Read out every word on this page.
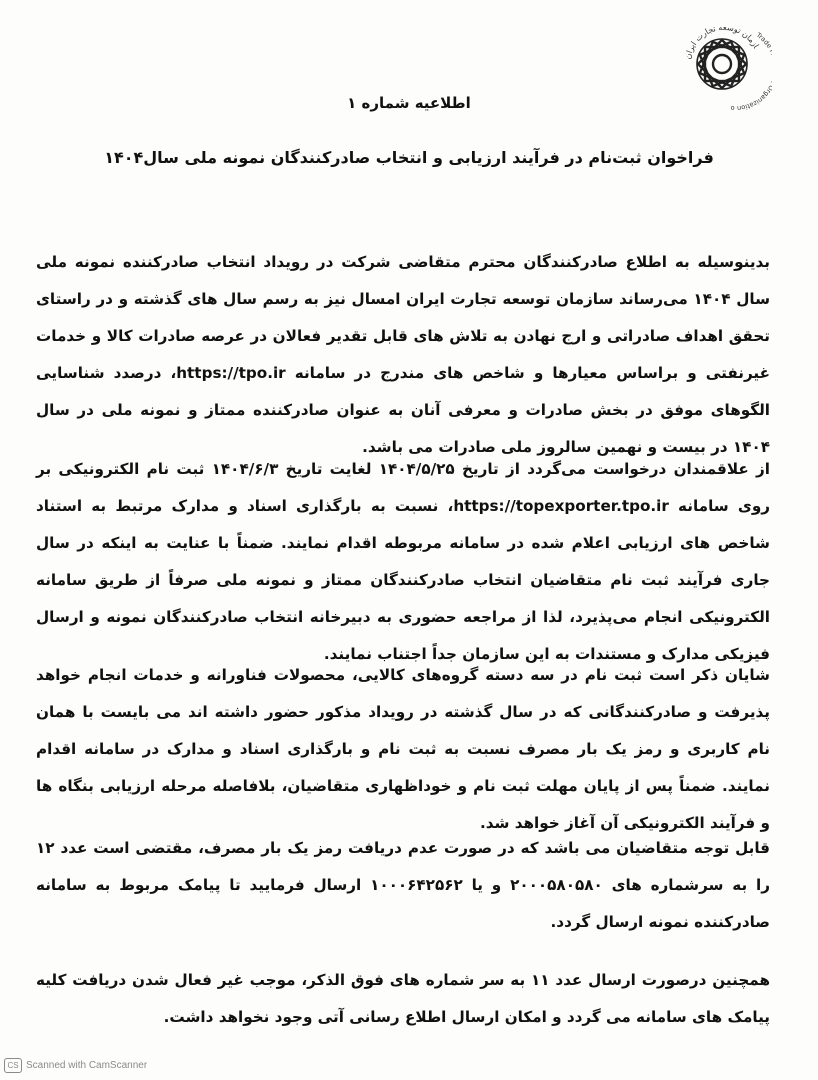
ازمان توسعه تجارت ایران
Trad rganization o
اطلاعیه شماره ۱
فراخوان ثبت‌نام در فرآیند ارزیابی و انتخاب صادرکنندگان نمونه ملی سال۱۴۰۴

بدینوسیله به اطلاع صادرکنندگان محترم متقاضی شرکت در رویداد انتخاب صادرکننده نمونه ملی سال ۱۴۰۴ می‌رساند سازمان توسعه تجارت ایران امسال نیز به رسم سال های گذشته و در راستای تحقق اهداف صادراتی و ارج نهادن به تلاش های قابل تقدیر فعالان در عرصه صادرات کالا و خدمات غیرنفتی و براساس معیارها و شاخص های مندرج در سامانه https://tpo.ir، درصدد شناسایی الگوهای موفق در بخش صادرات و معرفی آنان به عنوان صادرکننده ممتاز و نمونه ملی در سال ۱۴۰۴ در بیست و نهمین سالروز ملی صادرات می باشد.

از علاقمندان درخواست می‌گردد از تاریخ ۱۴۰۴/۵/۲۵ لغایت تاریخ ۱۴۰۴/۶/۳ ثبت نام الکترونیکی بر روی سامانه https://topexporter.tpo.ir، نسبت به بارگذاری اسناد و مدارک مرتبط به استناد شاخص های ارزیابی اعلام شده در سامانه مربوطه اقدام نمایند. ضمناً با عنایت به اینکه در سال جاری فرآیند ثبت نام متقاضیان انتخاب صادرکنندگان ممتاز و نمونه ملی صرفاً از طریق سامانه الکترونیکی انجام می‌پذیرد، لذا از مراجعه حضوری به دبیرخانه انتخاب صادرکنندگان نمونه و ارسال فیزیکی مدارک و مستندات به این سازمان جداً اجتناب نمایند.

شایان ذکر است ثبت نام در سه دسته گروه‌های کالایی، محصولات فناورانه و خدمات انجام خواهد پذیرفت و صادرکنندگانی که در سال گذشته در رویداد مذکور حضور داشته اند می بایست با همان نام کاربری و رمز یک بار مصرف نسبت به ثبت نام و بارگذاری اسناد و مدارک در سامانه اقدام نمایند. ضمناً پس از پایان مهلت ثبت نام و خوداظهاری متقاضیان، بلافاصله مرحله ارزیابی بنگاه ها و فرآیند الکترونیکی آن آغاز خواهد شد.

قابل توجه متقاضیان می باشد که در صورت عدم دریافت رمز یک بار مصرف، مقتضی است عدد ۱۲ را به سرشماره های ۲۰۰۰۵۸۰۵۸۰ و یا ۱۰۰۰۶۴۲۵۶۲ ارسال فرمایید تا پیامک مربوط به سامانه صادرکننده نمونه ارسال گردد.

همچنین درصورت ارسال عدد ۱۱ به سر شماره های فوق الذکر، موجب غیر فعال شدن دریافت کلیه پیامک های سامانه می گردد و امکان ارسال اطلاع رسانی آتی وجود نخواهد داشت.

CS Scanned with CamScanner
